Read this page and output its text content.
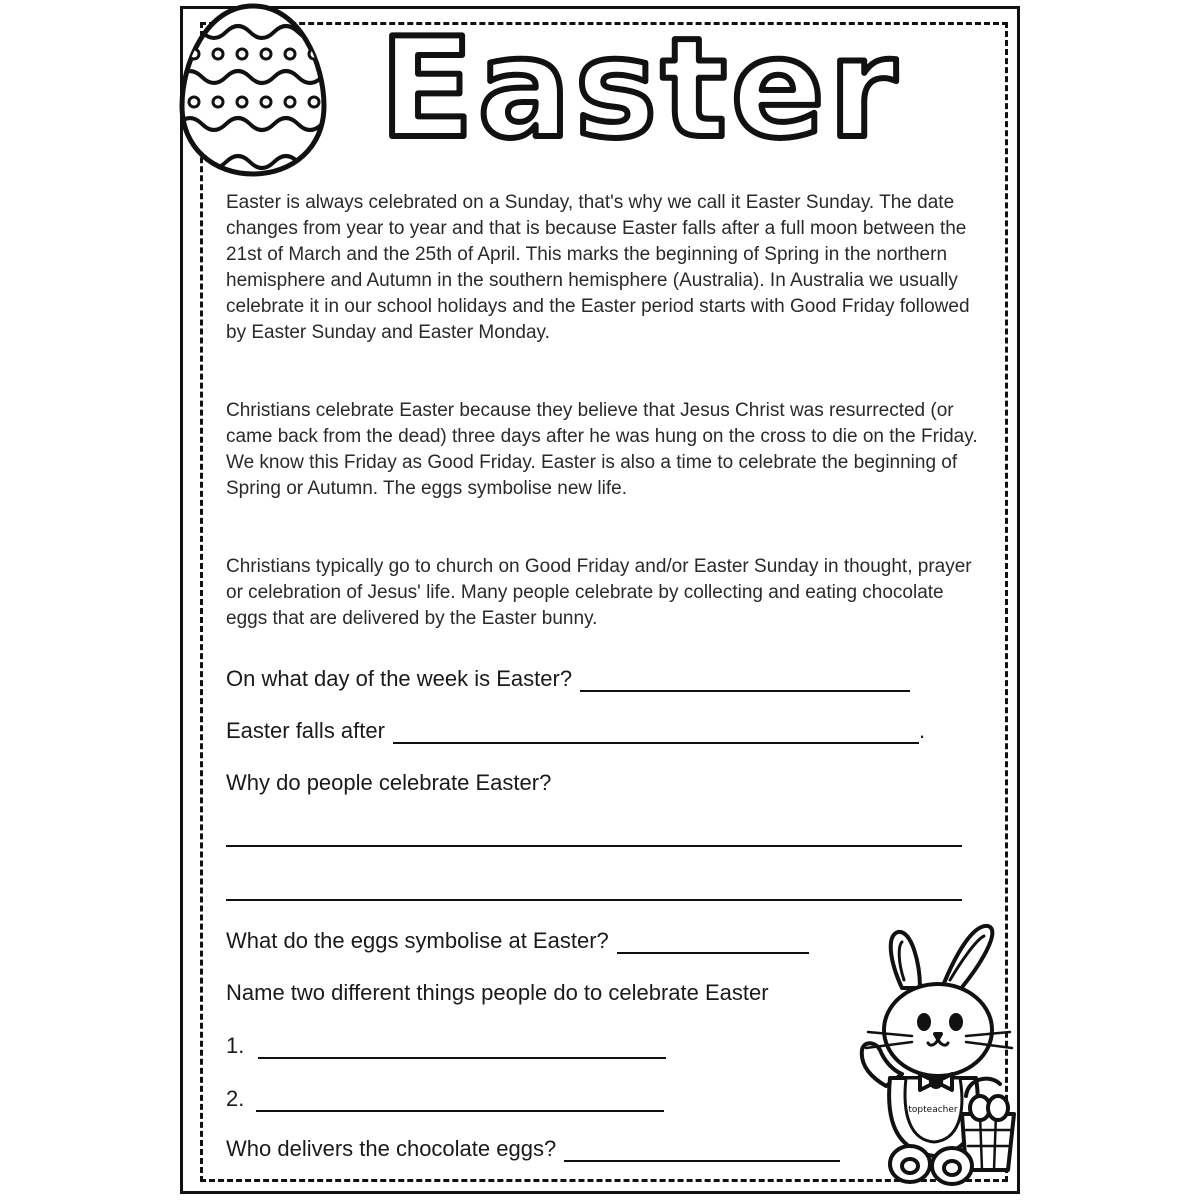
Easter

Easter is always celebrated on a Sunday, that's why we call it Easter Sunday. The date changes from year to year and that is because Easter falls after a full moon between the 21st of March and the 25th of April. This marks the beginning of Spring in the northern hemisphere and Autumn in the southern hemisphere (Australia). In Australia we usually celebrate it in our school holidays and the Easter period starts with Good Friday followed by Easter Sunday and Easter Monday.

Christians celebrate Easter because they believe that Jesus Christ was resurrected (or came back from the dead) three days after he was hung on the cross to die on the Friday. We know this Friday as Good Friday. Easter is also a time to celebrate the beginning of Spring or Autumn. The eggs symbolise new life.

Christians typically go to church on Good Friday and/or Easter Sunday in thought, prayer or celebration of Jesus' life. Many people celebrate by collecting and eating chocolate eggs that are delivered by the Easter bunny.

On what day of the week is Easter?
Easter falls after	.
Why do people celebrate Easter?
What do the eggs symbolise at Easter?
Name two different things people do to celebrate Easter
1.
2.
Who delivers the chocolate eggs?
topteacher
